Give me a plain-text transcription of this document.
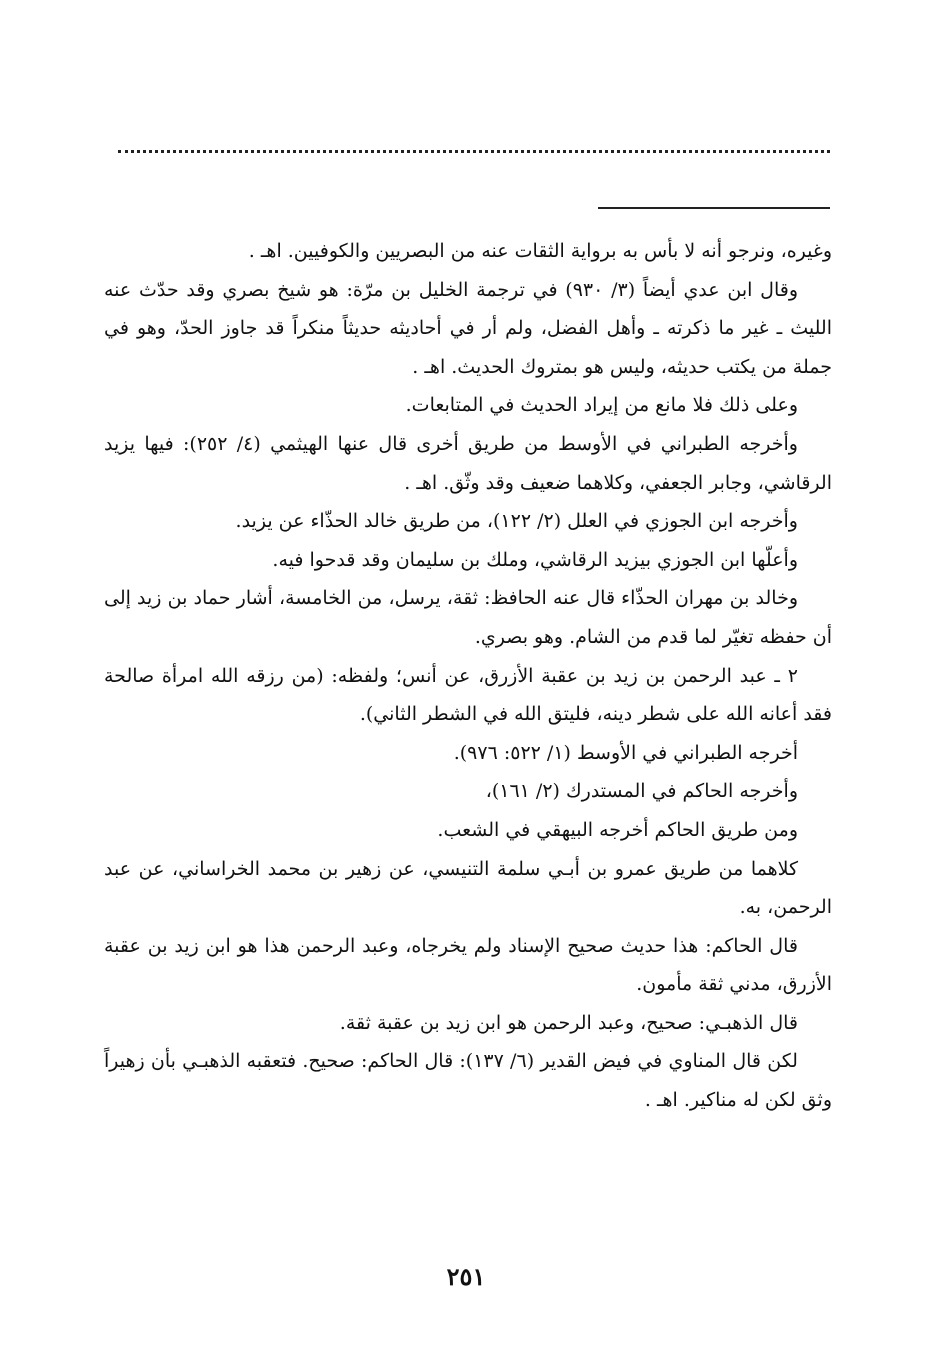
وغيره، ونرجو أنه لا بأس به برواية الثقات عنه من البصريين والكوفيين. اهـ .

وقال ابن عدي أيضاً (٣/ ٩٣٠) في ترجمة الخليل بن مرّة: هو شيخ بصري وقد حدّث عنه الليث ـ غير ما ذكرته ـ وأهل الفضل، ولم أر في أحاديثه حديثاً منكراً قد جاوز الحدّ، وهو في جملة من يكتب حديثه، وليس هو بمتروك الحديث. اهـ .

وعلى ذلك فلا مانع من إيراد الحديث في المتابعات.

وأخرجه الطبراني في الأوسط من طريق أخرى قال عنها الهيثمي (٤/ ٢٥٢): فيها يزيد الرقاشي، وجابر الجعفي، وكلاهما ضعيف وقد وثّق. اهـ .

وأخرجه ابن الجوزي في العلل (٢/ ١٢٢)، من طريق خالد الحذّاء عن يزيد.

وأعلّها ابن الجوزي بيزيد الرقاشي، وملك بن سليمان وقد قدحوا فيه.

وخالد بن مهران الحذّاء قال عنه الحافظ: ثقة، يرسل، من الخامسة، أشار حماد بن زيد إلى أن حفظه تغيّر لما قدم من الشام. وهو بصري.

٢ ـ عبد الرحمن بن زيد بن عقبة الأزرق، عن أنس؛ ولفظه: (من رزقه الله امرأة صالحة فقد أعانه الله على شطر دينه، فليتق الله في الشطر الثاني).

أخرجه الطبراني في الأوسط (١/ ٥٢٢: ٩٧٦).

وأخرجه الحاكم في المستدرك (٢/ ١٦١)،

ومن طريق الحاكم أخرجه البيهقي في الشعب.

كلاهما من طريق عمرو بن أبـي سلمة التنيسي، عن زهير بن محمد الخراساني، عن عبد الرحمن، به.

قال الحاكم: هذا حديث صحيح الإسناد ولم يخرجاه، وعبد الرحمن هذا هو ابن زيد بن عقبة الأزرق، مدني ثقة مأمون.

قال الذهبـي: صحيح، وعبد الرحمن هو ابن زيد بن عقبة ثقة.

لكن قال المناوي في فيض القدير (٦/ ١٣٧): قال الحاكم: صحيح. فتعقبه الذهبـي بأن زهيراً وثق لكن له مناكير. اهـ .

٢٥١
